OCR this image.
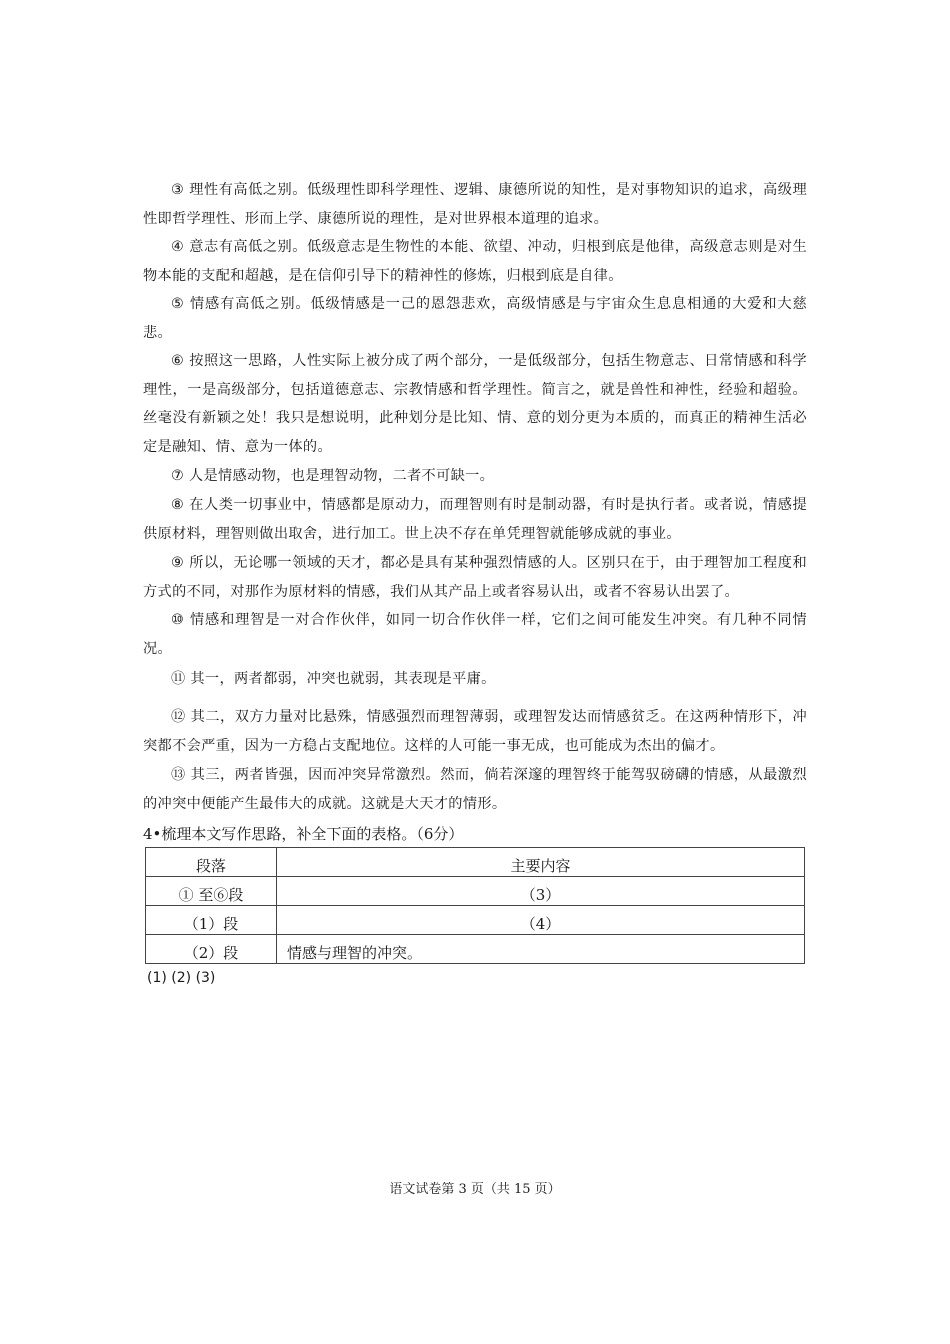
③ 理性有高低之别。低级理性即科学理性、逻辑、康德所说的知性，是对事物知识的追求，高级理性即哲学理性、形而上学、康德所说的理性，是对世界根本道理的追求。

④ 意志有高低之别。低级意志是生物性的本能、欲望、冲动，归根到底是他律，高级意志则是对生物本能的支配和超越，是在信仰引导下的精神性的修炼，归根到底是自律。

⑤ 情感有高低之别。低级情感是一己的恩怨悲欢，高级情感是与宇宙众生息息相通的大爱和大慈悲。

⑥ 按照这一思路，人性实际上被分成了两个部分，一是低级部分，包括生物意志、日常情感和科学理性，一是高级部分，包括道德意志、宗教情感和哲学理性。简言之，就是兽性和神性，经验和超验。丝毫没有新颖之处！我只是想说明，此种划分是比知、情、意的划分更为本质的，而真正的精神生活必定是融知、情、意为一体的。

⑦ 人是情感动物，也是理智动物，二者不可缺一。

⑧ 在人类一切事业中，情感都是原动力，而理智则有时是制动器，有时是执行者。或者说，情感提供原材料，理智则做出取舍，进行加工。世上决不存在单凭理智就能够成就的事业。

⑨ 所以，无论哪一领域的天才，都必是具有某种强烈情感的人。区别只在于，由于理智加工程度和方式的不同，对那作为原材料的情感，我们从其产品上或者容易认出，或者不容易认出罢了。

⑩ 情感和理智是一对合作伙伴，如同一切合作伙伴一样，它们之间可能发生冲突。有几种不同情况。

⑪ 其一，两者都弱，冲突也就弱，其表现是平庸。

⑫ 其二，双方力量对比悬殊，情感强烈而理智薄弱，或理智发达而情感贫乏。在这两种情形下，冲突都不会严重，因为一方稳占支配地位。这样的人可能一事无成，也可能成为杰出的偏才。

⑬ 其三，两者皆强，因而冲突异常激烈。然而，倘若深邃的理智终于能驾驭磅礴的情感，从最激烈的冲突中便能产生最伟大的成就。这就是大天才的情形。

4•梳理本文写作思路，补全下面的表格。（6分）

段落	主要内容
① 至⑥段	（3）
（1）段	（4）
（2）段	情感与理智的冲突。

(1) (2) (3)

语文试卷第 3 页（共 15 页）
